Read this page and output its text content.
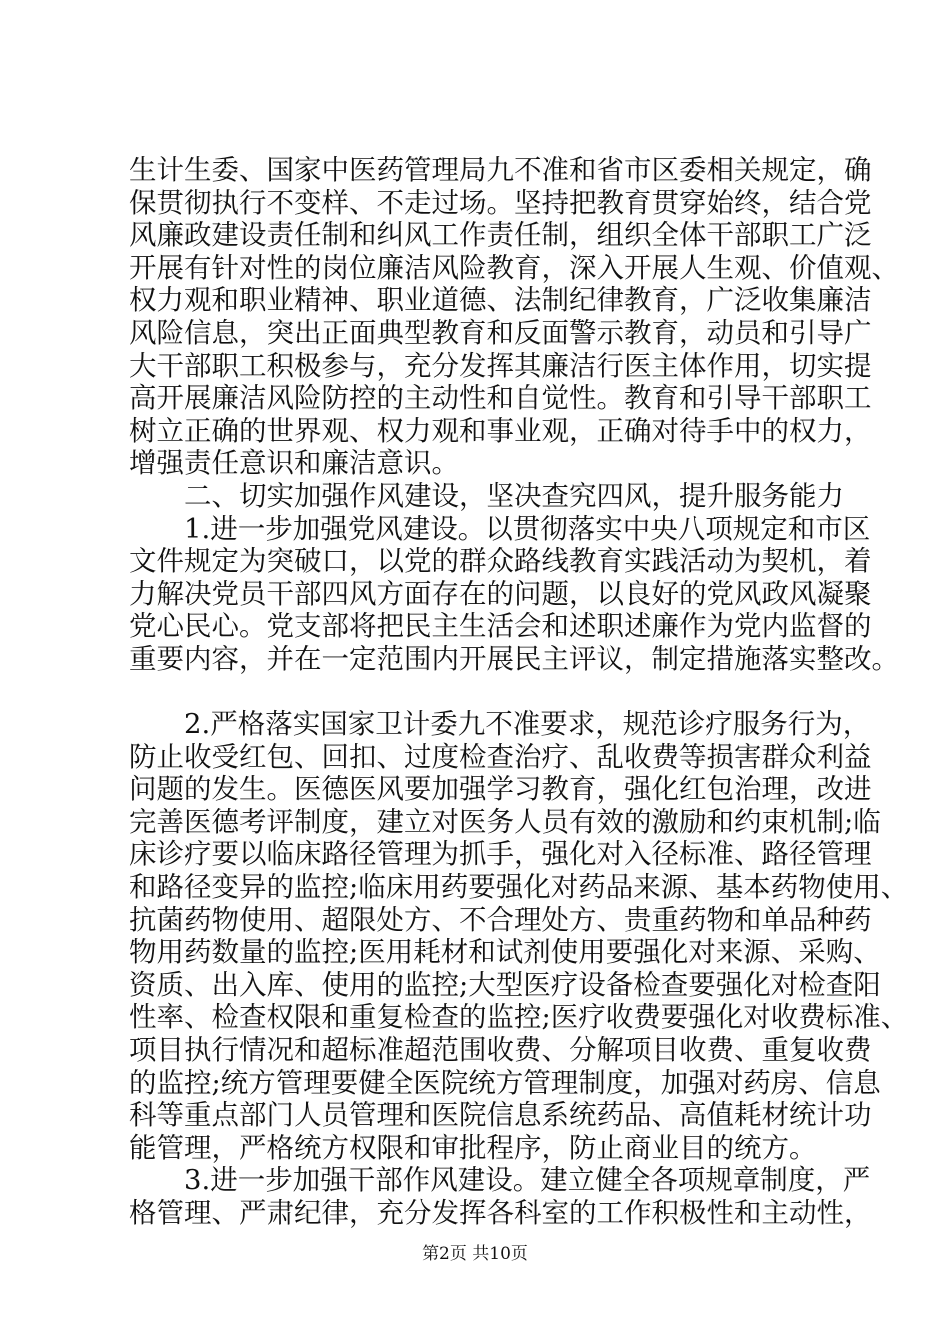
生计生委、国家中医药管理局九不准和省市区委相关规定，确
保贯彻执行不变样、不走过场。坚持把教育贯穿始终，结合党
风廉政建设责任制和纠风工作责任制，组织全体干部职工广泛
开展有针对性的岗位廉洁风险教育，深入开展人生观、价值观、
权力观和职业精神、职业道德、法制纪律教育，广泛收集廉洁
风险信息，突出正面典型教育和反面警示教育，动员和引导广
大干部职工积极参与，充分发挥其廉洁行医主体作用，切实提
高开展廉洁风险防控的主动性和自觉性。教育和引导干部职工
树立正确的世界观、权力观和事业观，正确对待手中的权力，
增强责任意识和廉洁意识。
二、切实加强作风建设，坚决查究四风，提升服务能力
1.进一步加强党风建设。以贯彻落实中央八项规定和市区
文件规定为突破口，以党的群众路线教育实践活动为契机，着
力解决党员干部四风方面存在的问题，以良好的党风政风凝聚
党心民心。党支部将把民主生活会和述职述廉作为党内监督的
重要内容，并在一定范围内开展民主评议，制定措施落实整改。
2.严格落实国家卫计委九不准要求，规范诊疗服务行为，
防止收受红包、回扣、过度检查治疗、乱收费等损害群众利益
问题的发生。医德医风要加强学习教育，强化红包治理，改进
完善医德考评制度，建立对医务人员有效的激励和约束机制;临
床诊疗要以临床路径管理为抓手，强化对入径标准、路径管理
和路径变异的监控;临床用药要强化对药品来源、基本药物使用、
抗菌药物使用、超限处方、不合理处方、贵重药物和单品种药
物用药数量的监控;医用耗材和试剂使用要强化对来源、采购、
资质、出入库、使用的监控;大型医疗设备检查要强化对检查阳
性率、检查权限和重复检查的监控;医疗收费要强化对收费标准、
项目执行情况和超标准超范围收费、分解项目收费、重复收费
的监控;统方管理要健全医院统方管理制度，加强对药房、信息
科等重点部门人员管理和医院信息系统药品、高值耗材统计功
能管理，严格统方权限和审批程序，防止商业目的统方。
3.进一步加强干部作风建设。建立健全各项规章制度，严
格管理、严肃纪律，充分发挥各科室的工作积极性和主动性，
第2页 共10页
